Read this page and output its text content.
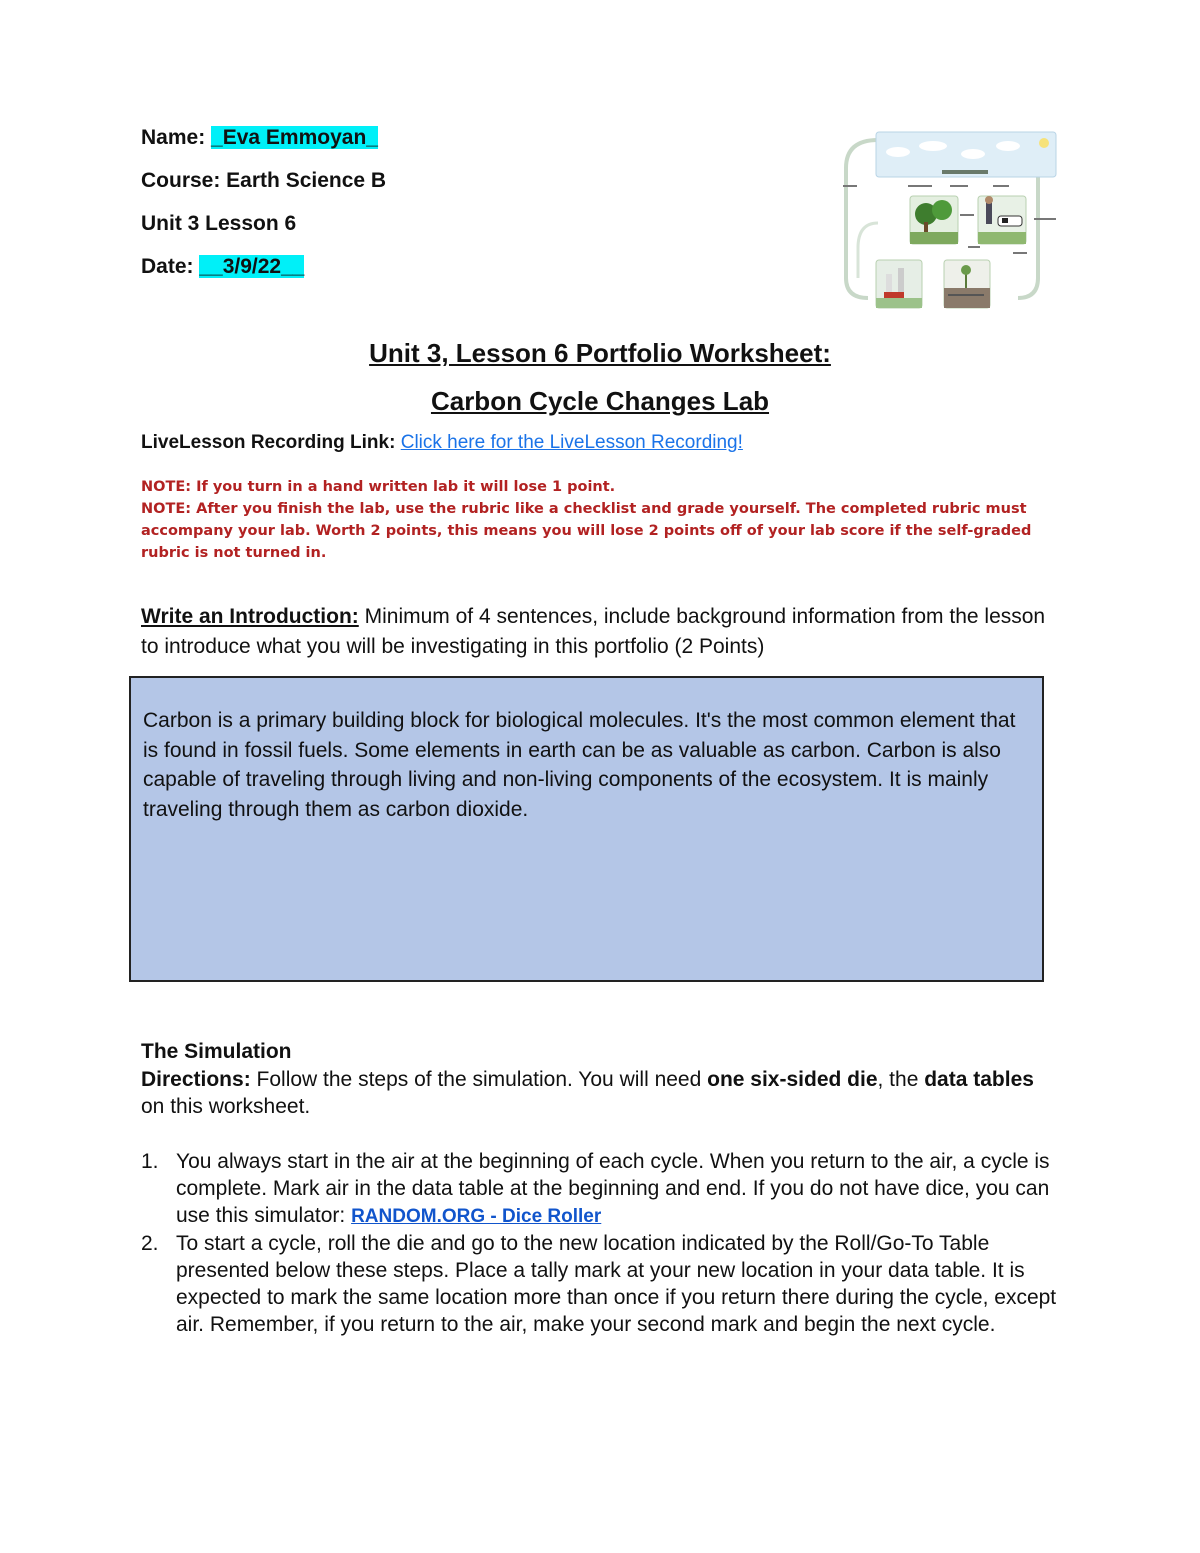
Name: _Eva Emmoyan_
Course: Earth Science B
Unit 3 Lesson 6
Date: __3/9/22__
Unit 3, Lesson 6 Portfolio Worksheet:
Carbon Cycle Changes Lab
LiveLesson Recording Link: Click here for the LiveLesson Recording!
NOTE: If you turn in a hand written lab it will lose 1 point.
NOTE: After you finish the lab, use the rubric like a checklist and grade yourself. The completed rubric must accompany your lab. Worth 2 points, this means you will lose 2 points off of your lab score if the self-graded rubric is not turned in.
Write an Introduction: Minimum of 4 sentences, include background information from the lesson to introduce what you will be investigating in this portfolio (2 Points)
Carbon is a primary building block for biological molecules. It's the most common element that is found in fossil fuels. Some elements in earth can be as valuable as carbon. Carbon is also capable of traveling through living and non-living components of the ecosystem. It is mainly traveling through them as carbon dioxide.
The Simulation
Directions: Follow the steps of the simulation. You will need one six-sided die, the data tables on this worksheet.
1. You always start in the air at the beginning of each cycle. When you return to the air, a cycle is complete. Mark air in the data table at the beginning and end. If you do not have dice, you can use this simulator: RANDOM.ORG - Dice Roller
2. To start a cycle, roll the die and go to the new location indicated by the Roll/Go-To Table presented below these steps. Place a tally mark at your new location in your data table. It is expected to mark the same location more than once if you return there during the cycle, except air. Remember, if you return to the air, make your second mark and begin the next cycle.
